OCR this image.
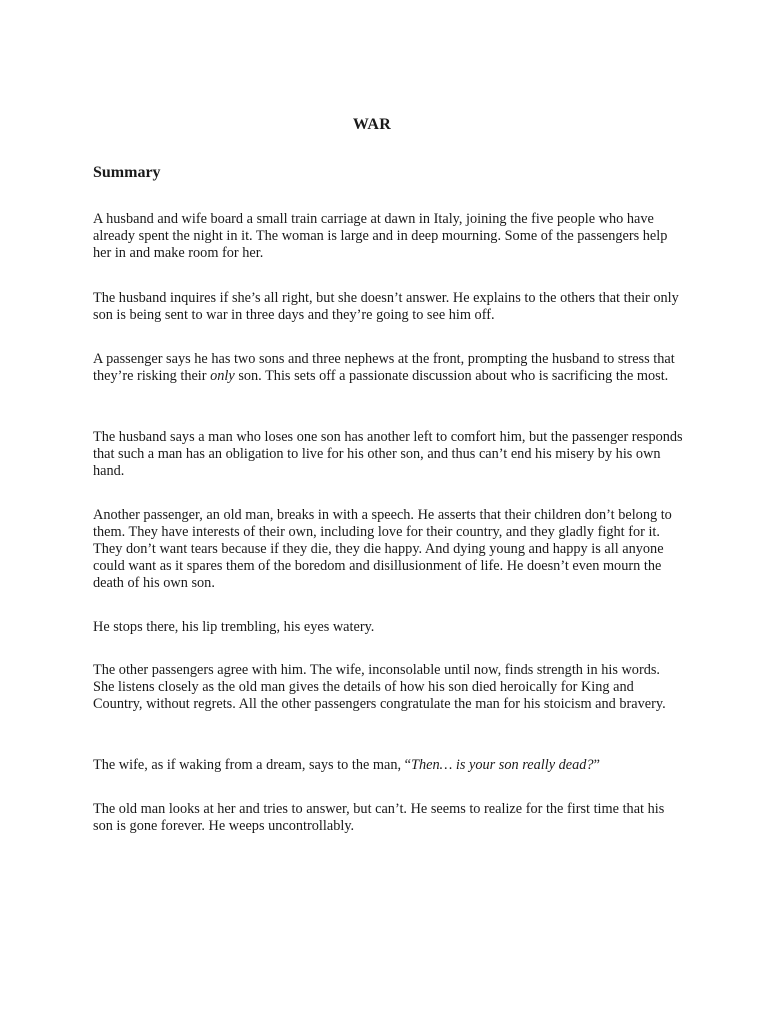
WAR
Summary

A husband and wife board a small train carriage at dawn in Italy, joining the five people who have already spent the night in it. The woman is large and in deep mourning. Some of the passengers help her in and make room for her.

The husband inquires if she’s all right, but she doesn’t answer. He explains to the others that their only son is being sent to war in three days and they’re going to see him off.

A passenger says he has two sons and three nephews at the front, prompting the husband to stress that they’re risking their only son. This sets off a passionate discussion about who is sacrificing the most.

The husband says a man who loses one son has another left to comfort him, but the passenger responds that such a man has an obligation to live for his other son, and thus can’t end his misery by his own hand.

Another passenger, an old man, breaks in with a speech. He asserts that their children don’t belong to them. They have interests of their own, including love for their country, and they gladly fight for it. They don’t want tears because if they die, they die happy. And dying young and happy is all anyone could want as it spares them of the boredom and disillusionment of life. He doesn’t even mourn the death of his own son.

He stops there, his lip trembling, his eyes watery.

The other passengers agree with him. The wife, inconsolable until now, finds strength in his words. She listens closely as the old man gives the details of how his son died heroically for King and Country, without regrets. All the other passengers congratulate the man for his stoicism and bravery.

The wife, as if waking from a dream, says to the man, “Then… is your son really dead?”

The old man looks at her and tries to answer, but can’t. He seems to realize for the first time that his son is gone forever. He weeps uncontrollably.
